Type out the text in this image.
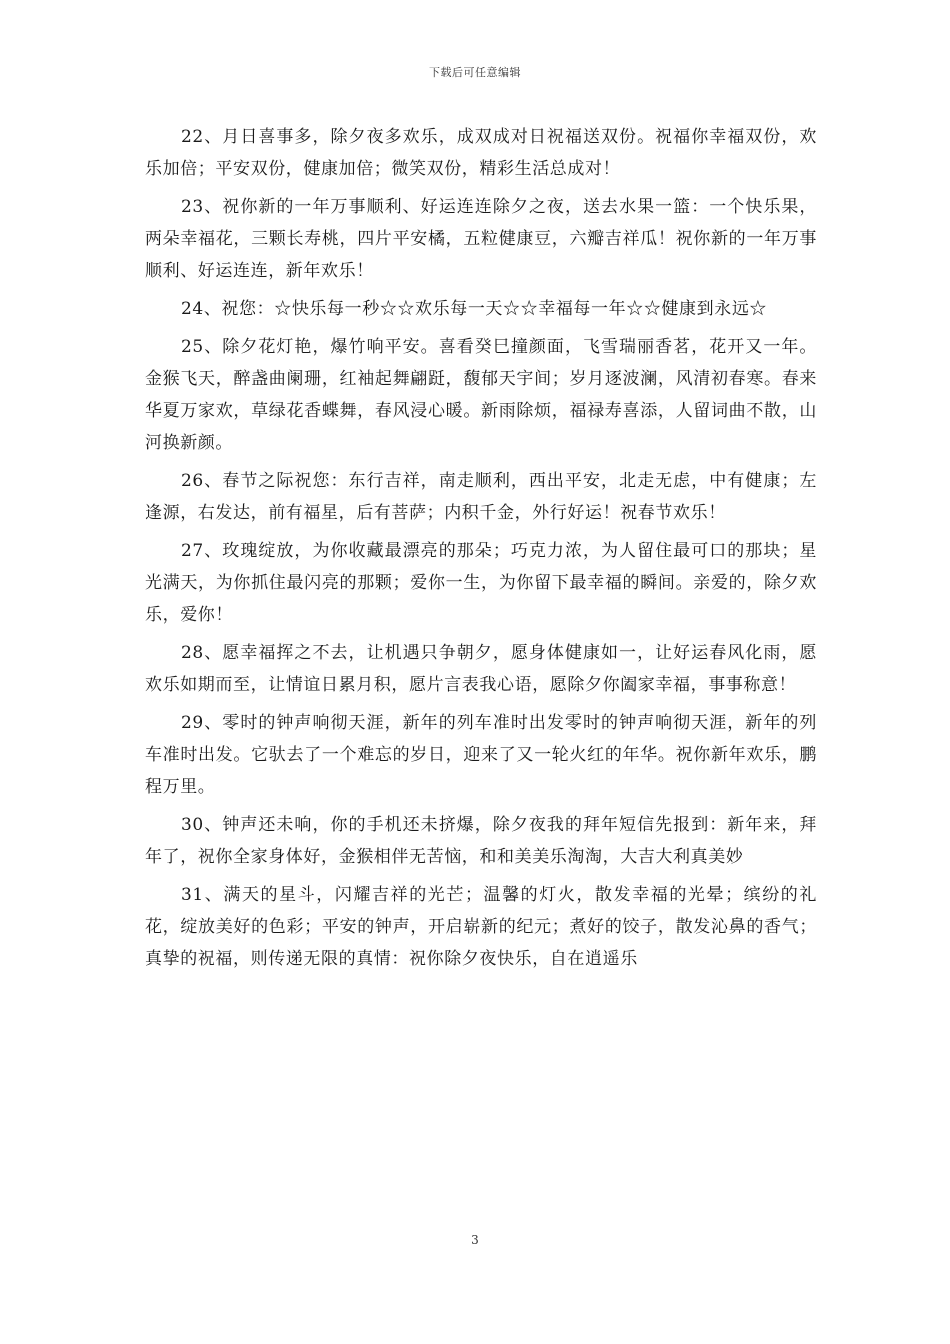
下载后可任意编辑

22、月日喜事多，除夕夜多欢乐，成双成对日祝福送双份。祝福你幸福双份，欢乐加倍；平安双份，健康加倍；微笑双份，精彩生活总成对！

23、祝你新的一年万事顺利、好运连连除夕之夜，送去水果一篮：一个快乐果，两朵幸福花，三颗长寿桃，四片平安橘，五粒健康豆，六瓣吉祥瓜！祝你新的一年万事顺利、好运连连，新年欢乐！

24、祝您：☆快乐每一秒☆☆欢乐每一天☆☆幸福每一年☆☆健康到永远☆

25、除夕花灯艳，爆竹响平安。喜看癸巳撞颜面，飞雪瑞丽香茗，花开又一年。金猴飞天，醉盏曲阑珊，红袖起舞翩跹，馥郁天宇间；岁月逐波澜，风清初春寒。春来华夏万家欢，草绿花香蝶舞，春风浸心暖。新雨除烦，福禄寿喜添，人留词曲不散，山河换新颜。

26、春节之际祝您：东行吉祥，南走顺利，西出平安，北走无虑，中有健康；左逢源，右发达，前有福星，后有菩萨；内积千金，外行好运！祝春节欢乐！

27、玫瑰绽放，为你收藏最漂亮的那朵；巧克力浓，为人留住最可口的那块；星光满天，为你抓住最闪亮的那颗；爱你一生，为你留下最幸福的瞬间。亲爱的，除夕欢乐，爱你！

28、愿幸福挥之不去，让机遇只争朝夕，愿身体健康如一，让好运春风化雨，愿欢乐如期而至，让情谊日累月积，愿片言表我心语，愿除夕你阖家幸福，事事称意！

29、零时的钟声响彻天涯，新年的列车准时出发零时的钟声响彻天涯，新年的列车准时出发。它驮去了一个难忘的岁日，迎来了又一轮火红的年华。祝你新年欢乐，鹏程万里。

30、钟声还未响，你的手机还未挤爆，除夕夜我的拜年短信先报到：新年来，拜年了，祝你全家身体好，金猴相伴无苦恼，和和美美乐淘淘，大吉大利真美妙

31、满天的星斗，闪耀吉祥的光芒；温馨的灯火，散发幸福的光晕；缤纷的礼花，绽放美好的色彩；平安的钟声，开启崭新的纪元；煮好的饺子，散发沁鼻的香气；真挚的祝福，则传递无限的真情：祝你除夕夜快乐，自在逍遥乐

3
